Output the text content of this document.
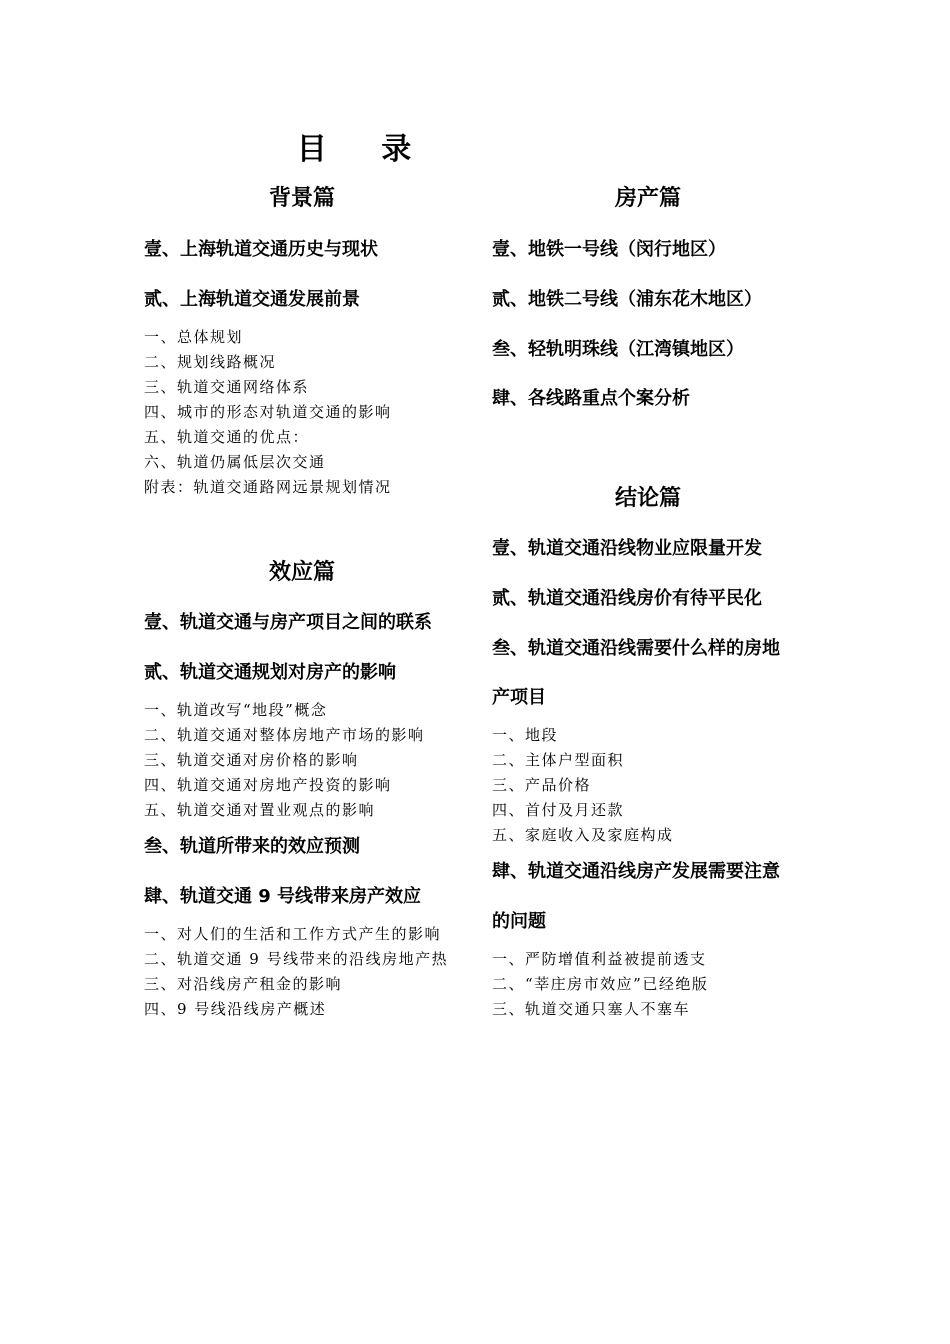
目 录
背景篇
壹、上海轨道交通历史与现状
贰、上海轨道交通发展前景
一、总体规划
二、规划线路概况
三、轨道交通网络体系
四、城市的形态对轨道交通的影响
五、轨道交通的优点：
六、轨道仍属低层次交通
附表：轨道交通路网远景规划情况
效应篇
壹、轨道交通与房产项目之间的联系
贰、轨道交通规划对房产的影响
一、轨道改写“地段”概念
二、轨道交通对整体房地产市场的影响
三、轨道交通对房价格的影响
四、轨道交通对房地产投资的影响
五、轨道交通对置业观点的影响
叁、轨道所带来的效应预测
肆、轨道交通 9 号线带来房产效应
一、对人们的生活和工作方式产生的影响
二、轨道交通 9 号线带来的沿线房地产热
三、对沿线房产租金的影响
四、9 号线沿线房产概述
房产篇
壹、地铁一号线（闵行地区）
贰、地铁二号线（浦东花木地区）
叁、轻轨明珠线（江湾镇地区）
肆、各线路重点个案分析
结论篇
壹、轨道交通沿线物业应限量开发
贰、轨道交通沿线房价有待平民化
叁、轨道交通沿线需要什么样的房地
产项目
一、地段
二、主体户型面积
三、产品价格
四、首付及月还款
五、家庭收入及家庭构成
肆、轨道交通沿线房产发展需要注意
的问题
一、严防增值利益被提前透支
二、“莘庄房市效应”已经绝版
三、轨道交通只塞人不塞车
